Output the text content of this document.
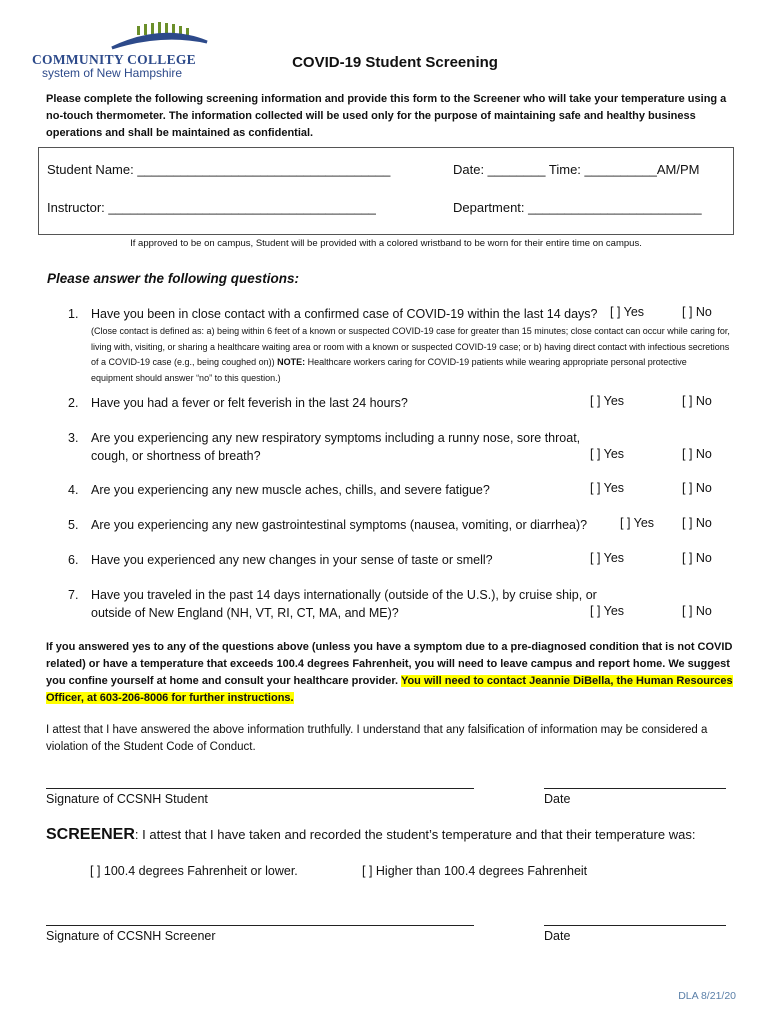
COMMUNITY COLLEGE
system of New Hampshire
COVID-19 Student Screening
Please complete the following screening information and provide this form to the Screener who will take your temperature using a no-touch thermometer. The information collected will be used only for the purpose of maintaining safe and healthy business operations and shall be maintained as confidential.
Student Name: ___________________________________	Date: ________ Time: __________AM/PM
Instructor: _____________________________________	Department: ________________________
If approved to be on campus, Student will be provided with a colored wristband to be worn for their entire time on campus.
Please answer the following questions:
1. Have you been in close contact with a confirmed case of COVID-19 within the last 14 days? [ ] Yes	[ ] No
(Close contact is defined as: a) being within 6 feet of a known or suspected COVID-19 case for greater than 15 minutes; close contact can occur while caring for, living with, visiting, or sharing a healthcare waiting area or room with a known or suspected COVID-19 case; or b) having direct contact with infectious secretions of a COVID-19 case (e.g., being coughed on)) NOTE: Healthcare workers caring for COVID-19 patients while wearing appropriate personal protective equipment should answer “no” to this question.)
2. Have you had a fever or felt feverish in the last 24 hours?	[ ] Yes	[ ] No
3. Are you experiencing any new respiratory symptoms including a runny nose, sore throat, cough, or shortness of breath?	[ ] Yes	[ ] No
4. Are you experiencing any new muscle aches, chills, and severe fatigue?	[ ] Yes	[ ] No
5. Are you experiencing any new gastrointestinal symptoms (nausea, vomiting, or diarrhea)?	[ ] Yes [ ] No
6. Have you experienced any new changes in your sense of taste or smell?	[ ] Yes	[ ] No
7. Have you traveled in the past 14 days internationally (outside of the U.S.), by cruise ship, or outside of New England (NH, VT, RI, CT, MA, and ME)?	[ ] Yes	[ ] No
If you answered yes to any of the questions above (unless you have a symptom due to a pre-diagnosed condition that is not COVID related) or have a temperature that exceeds 100.4 degrees Fahrenheit, you will need to leave campus and report home. We suggest you confine yourself at home and consult your healthcare provider. You will need to contact Jeannie DiBella, the Human Resources Officer, at 603-206-8006 for further instructions.
I attest that I have answered the above information truthfully. I understand that any falsification of information may be considered a violation of the Student Code of Conduct.
Signature of CCSNH Student	Date
SCREENER: I attest that I have taken and recorded the student’s temperature and that their temperature was:
[ ] 100.4 degrees Fahrenheit or lower.	[ ] Higher than 100.4 degrees Fahrenheit
Signature of CCSNH Screener	Date
DLA 8/21/20
